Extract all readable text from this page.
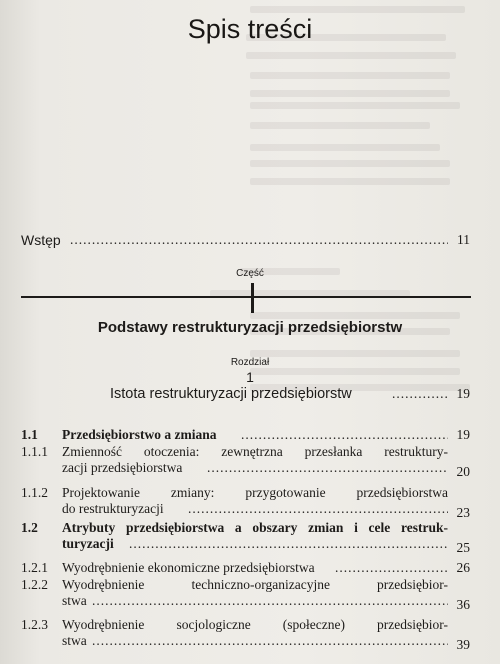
Spis treści
Wstęp .....	11
Część
Podstawy restrukturyzacji przedsiębiorstw
Rozdział
1
Istota restrukturyzacji przedsiębiorstw .....	19
1.1 Przedsiębiorstwo a zmiana .....	19
1.1.1 Zmienność otoczenia: zewnętrzna przesłanka restruktury-
zacji przedsiębiorstwa .....	20
1.1.2 Projektowanie zmiany: przygotowanie przedsiębiorstwa
do restrukturyzacji .....	23
1.2 Atrybuty przedsiębiorstwa a obszary zmian i cele restruk-
turyzacji .....	25
1.2.1 Wyodrębnienie ekonomiczne przedsiębiorstwa .....	26
1.2.2 Wyodrębnienie techniczno-organizacyjne przedsiębior-
stwa .....	36
1.2.3 Wyodrębnienie socjologiczne (społeczne) przedsiębior-
stwa .....	39
